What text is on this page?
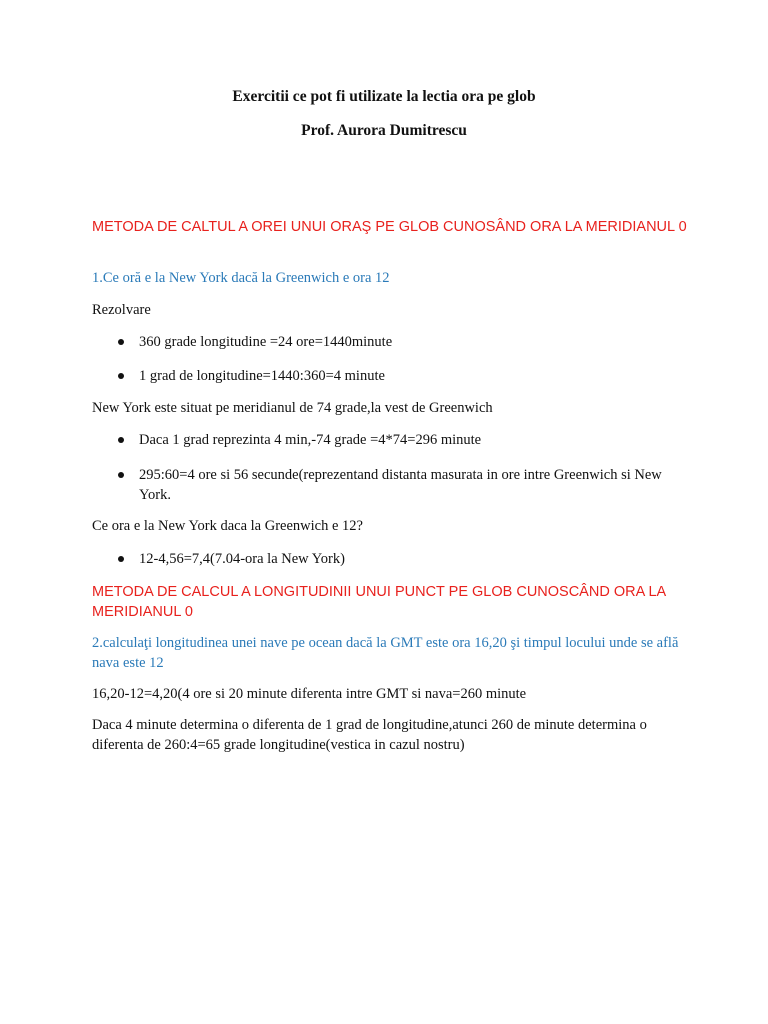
Exercitii ce pot fi utilizate la lectia ora pe glob
Prof. Aurora Dumitrescu
METODA DE CALTUL A OREI UNUI ORAŞ PE GLOB CUNOSÂND ORA LA MERIDIANUL 0
1.Ce oră e la New York dacă la Greenwich e ora 12
Rezolvare
360 grade longitudine =24 ore=1440minute
1 grad de longitudine=1440:360=4 minute
New York este situat pe meridianul de 74 grade,la vest de Greenwich
Daca 1 grad reprezinta 4 min,-74 grade =4*74=296 minute
295:60=4 ore si 56 secunde(reprezentand distanta masurata in ore intre Greenwich si New York.
Ce ora e la New York daca la Greenwich e 12?
12-4,56=7,4(7.04-ora la New York)
METODA DE CALCUL A LONGITUDINII UNUI PUNCT PE GLOB CUNOSCÂND ORA LA MERIDIANUL 0
2.calculaţi longitudinea unei nave pe ocean dacă la GMT este ora 16,20 şi timpul locului unde se află nava este 12
16,20-12=4,20(4 ore si 20 minute diferenta intre GMT si nava=260 minute
Daca 4 minute determina o diferenta de 1 grad de longitudine,atunci 260 de minute determina o diferenta de 260:4=65 grade longitudine(vestica in cazul nostru)
